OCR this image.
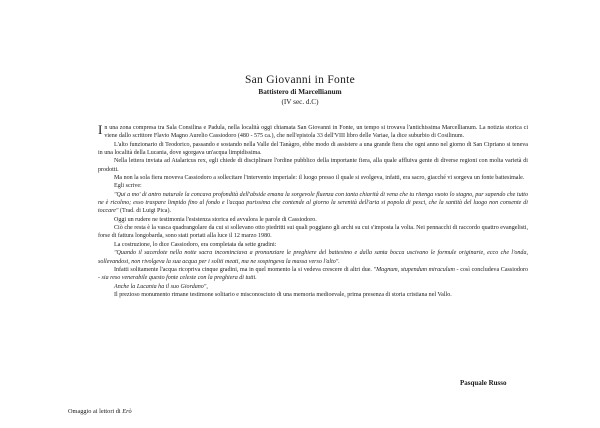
San Giovanni in Fonte
Battistero di Marcellianum
(IV sec. d.C)

In una zona compresa tra Sala Consilina e Padula, nella località oggi chiamata San Giovanni in Fonte, un tempo si trovava l'antichissima Marcellianum. La notizia storica ci viene dallo scrittore Flavio Magno Aurelio Cassiodoro (480 - 575 ca.), che nell'epistola 33 dell'VIII libro delle Variae, la dice suburbio di Cosilinum.

L'alto funzionario di Teodorico, passando e sostando nella Valle del Tanàgro, ebbe modo di assistere a una grande fiera che ogni anno nel giorno di San Cipriano si teneva in una località della Lucania, dove sgorgava un'acqua limpidissima.

Nella lettera inviata ad Atalaricus rex, egli chiede di disciplinare l'ordine pubblico della importante fiera, alla quale affluiva gente di diverse regioni con molta varietà di prodotti.

Ma non la sola fiera moveva Cassiodoro a sollecitare l'intervento imperiale: il luogo presso il quale si svolgeva, infatti, era sacro, giacché vi sorgeva un fonte battesimale.

Egli scrive:

"Qui a mo' di antro naturale la concava profondità dell'abside emana la sorgevole fluenza con tanta chiarità di vena che tu ritenga vuoto lo stagno, pur sapendo che tutto ne è ricolmo; esso traspare limpido fino al fondo e l'acqua purissima che contende al giorno la serenità dell'aria si popola di pesci, che la santità del luogo non consente di toccare" (Trad. di Luigi Pica).

Oggi un rudere ne testimonia l'esistenza storica ed avvalora le parole di Cassiodoro.

Ciò che resta è la vasca quadrangolare da cui si sollevano otto piedritti sui quali poggiano gli archi su cui s'imposta la volta. Nei pennacchi di raccordo quattro evangelisti, forse di fattura longobarda, sono stati portati alla luce il 12 marzo 1980.

La costruzione, lo dice Cassiodoro, era completata da sette gradini:

"Quando il sacerdote nella notte sacra incominciava a pronunziare le preghiere del battesimo e dalla santa bocca uscivano le formule originarie, ecco che l'onda, sollevandosi, non rivolgeva la sua acqua per i soliti meati, ma ne sospingeva la massa verso l'alto".

Infatti solitamente l'acqua ricopriva cinque gradini, ma in quel momento la si vedeva crescere di altri due. "Magnum, stupendum miraculum - così concludeva Cassiodoro - sia reso venerabile questo fonte celeste con la preghiera di tutti.

Anche la Lucania ha il suo Giordano",

Il prezioso monumento rimane testimone solitario e misconosciuto di una memoria medioevale, prima presenza di storia cristiana nel Vallo.

Pasquale Russo
Omaggio ai lettori di Erò
